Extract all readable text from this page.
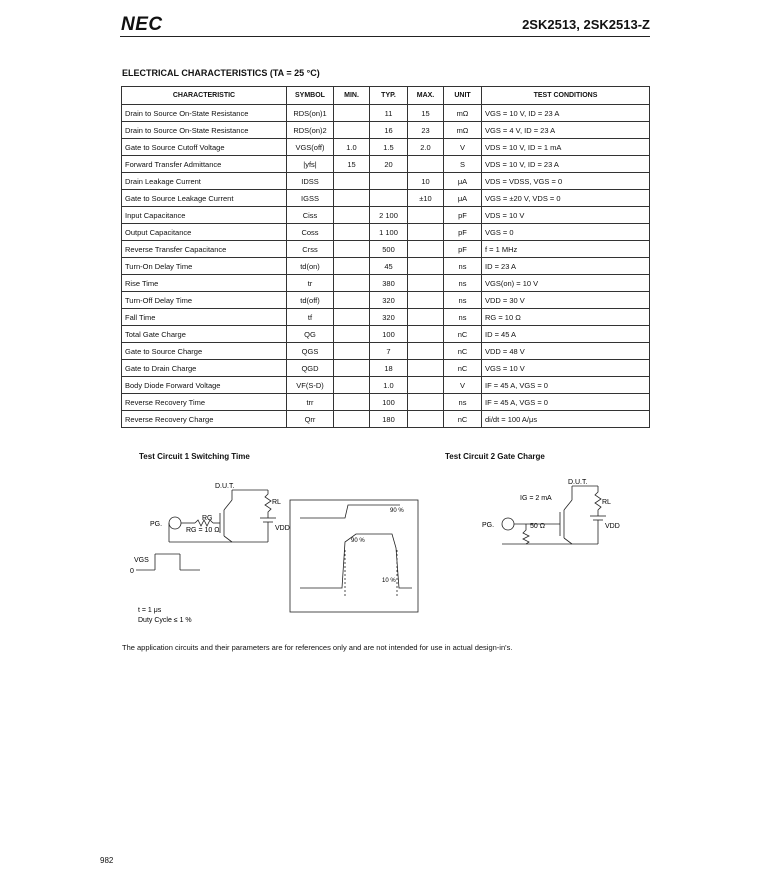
NEC	2SK2513, 2SK2513-Z
ELECTRICAL CHARACTERISTICS (TA = 25 °C)
CHARACTERISTIC	SYMBOL	MIN.	TYP.	MAX.	UNIT	TEST CONDITIONS
Drain to Source On-State Resistance	RDS(on)1		11	15	mΩ	VGS = 10 V, ID = 23 A
Drain to Source On-State Resistance	RDS(on)2		16	23	mΩ	VGS = 4 V, ID = 23 A
Gate to Source Cutoff Voltage	VGS(off)	1.0	1.5	2.0	V	VDS = 10 V, ID = 1 mA
Forward Transfer Admittance	|yfs|	15	20		S	VDS = 10 V, ID = 23 A
Drain Leakage Current	IDSS			10	μA	VDS = VDSS, VGS = 0
Gate to Source Leakage Current	IGSS			±10	μA	VGS = ±20 V, VDS = 0
Input Capacitance	Ciss		2 100		pF	VDS = 10 V
Output Capacitance	Coss		1 100		pF	VGS = 0
Reverse Transfer Capacitance	Crss		500		pF	f = 1 MHz
Turn-On Delay Time	td(on)		45		ns	ID = 23 A
Rise Time	tr		380		ns	VGS(on) = 10 V
Turn-Off Delay Time	td(off)		320		ns	VDD = 30 V
Fall Time	tf		320		ns	RG = 10 Ω
Total Gate Charge	QG		100		nC	ID = 45 A
Gate to Source Charge	QGS		7		nC	VDD = 48 V
Gate to Drain Charge	QGD		18		nC	VGS = 10 V
Body Diode Forward Voltage	VF(S-D)		1.0		V	IF = 45 A, VGS = 0
Reverse Recovery Time	trr		100		ns	IF = 45 A, VGS = 0
Reverse Recovery Charge	Qrr		180		nC	di/dt = 100 A/μs
Test Circuit 1 Switching Time
D.U.T.
RL
RG
RG = 10 Ω
PG.
VDD
VGS
0
t = 1 μs
Duty Cycle ≤ 1 %
90 %
90 %
10 %
Test Circuit 2 Gate Charge
D.U.T.
IG = 2 mA
RL
PG.	50 Ω	VDD
The application circuits and their parameters are for references only and are not intended for use in actual design-in's.
982
